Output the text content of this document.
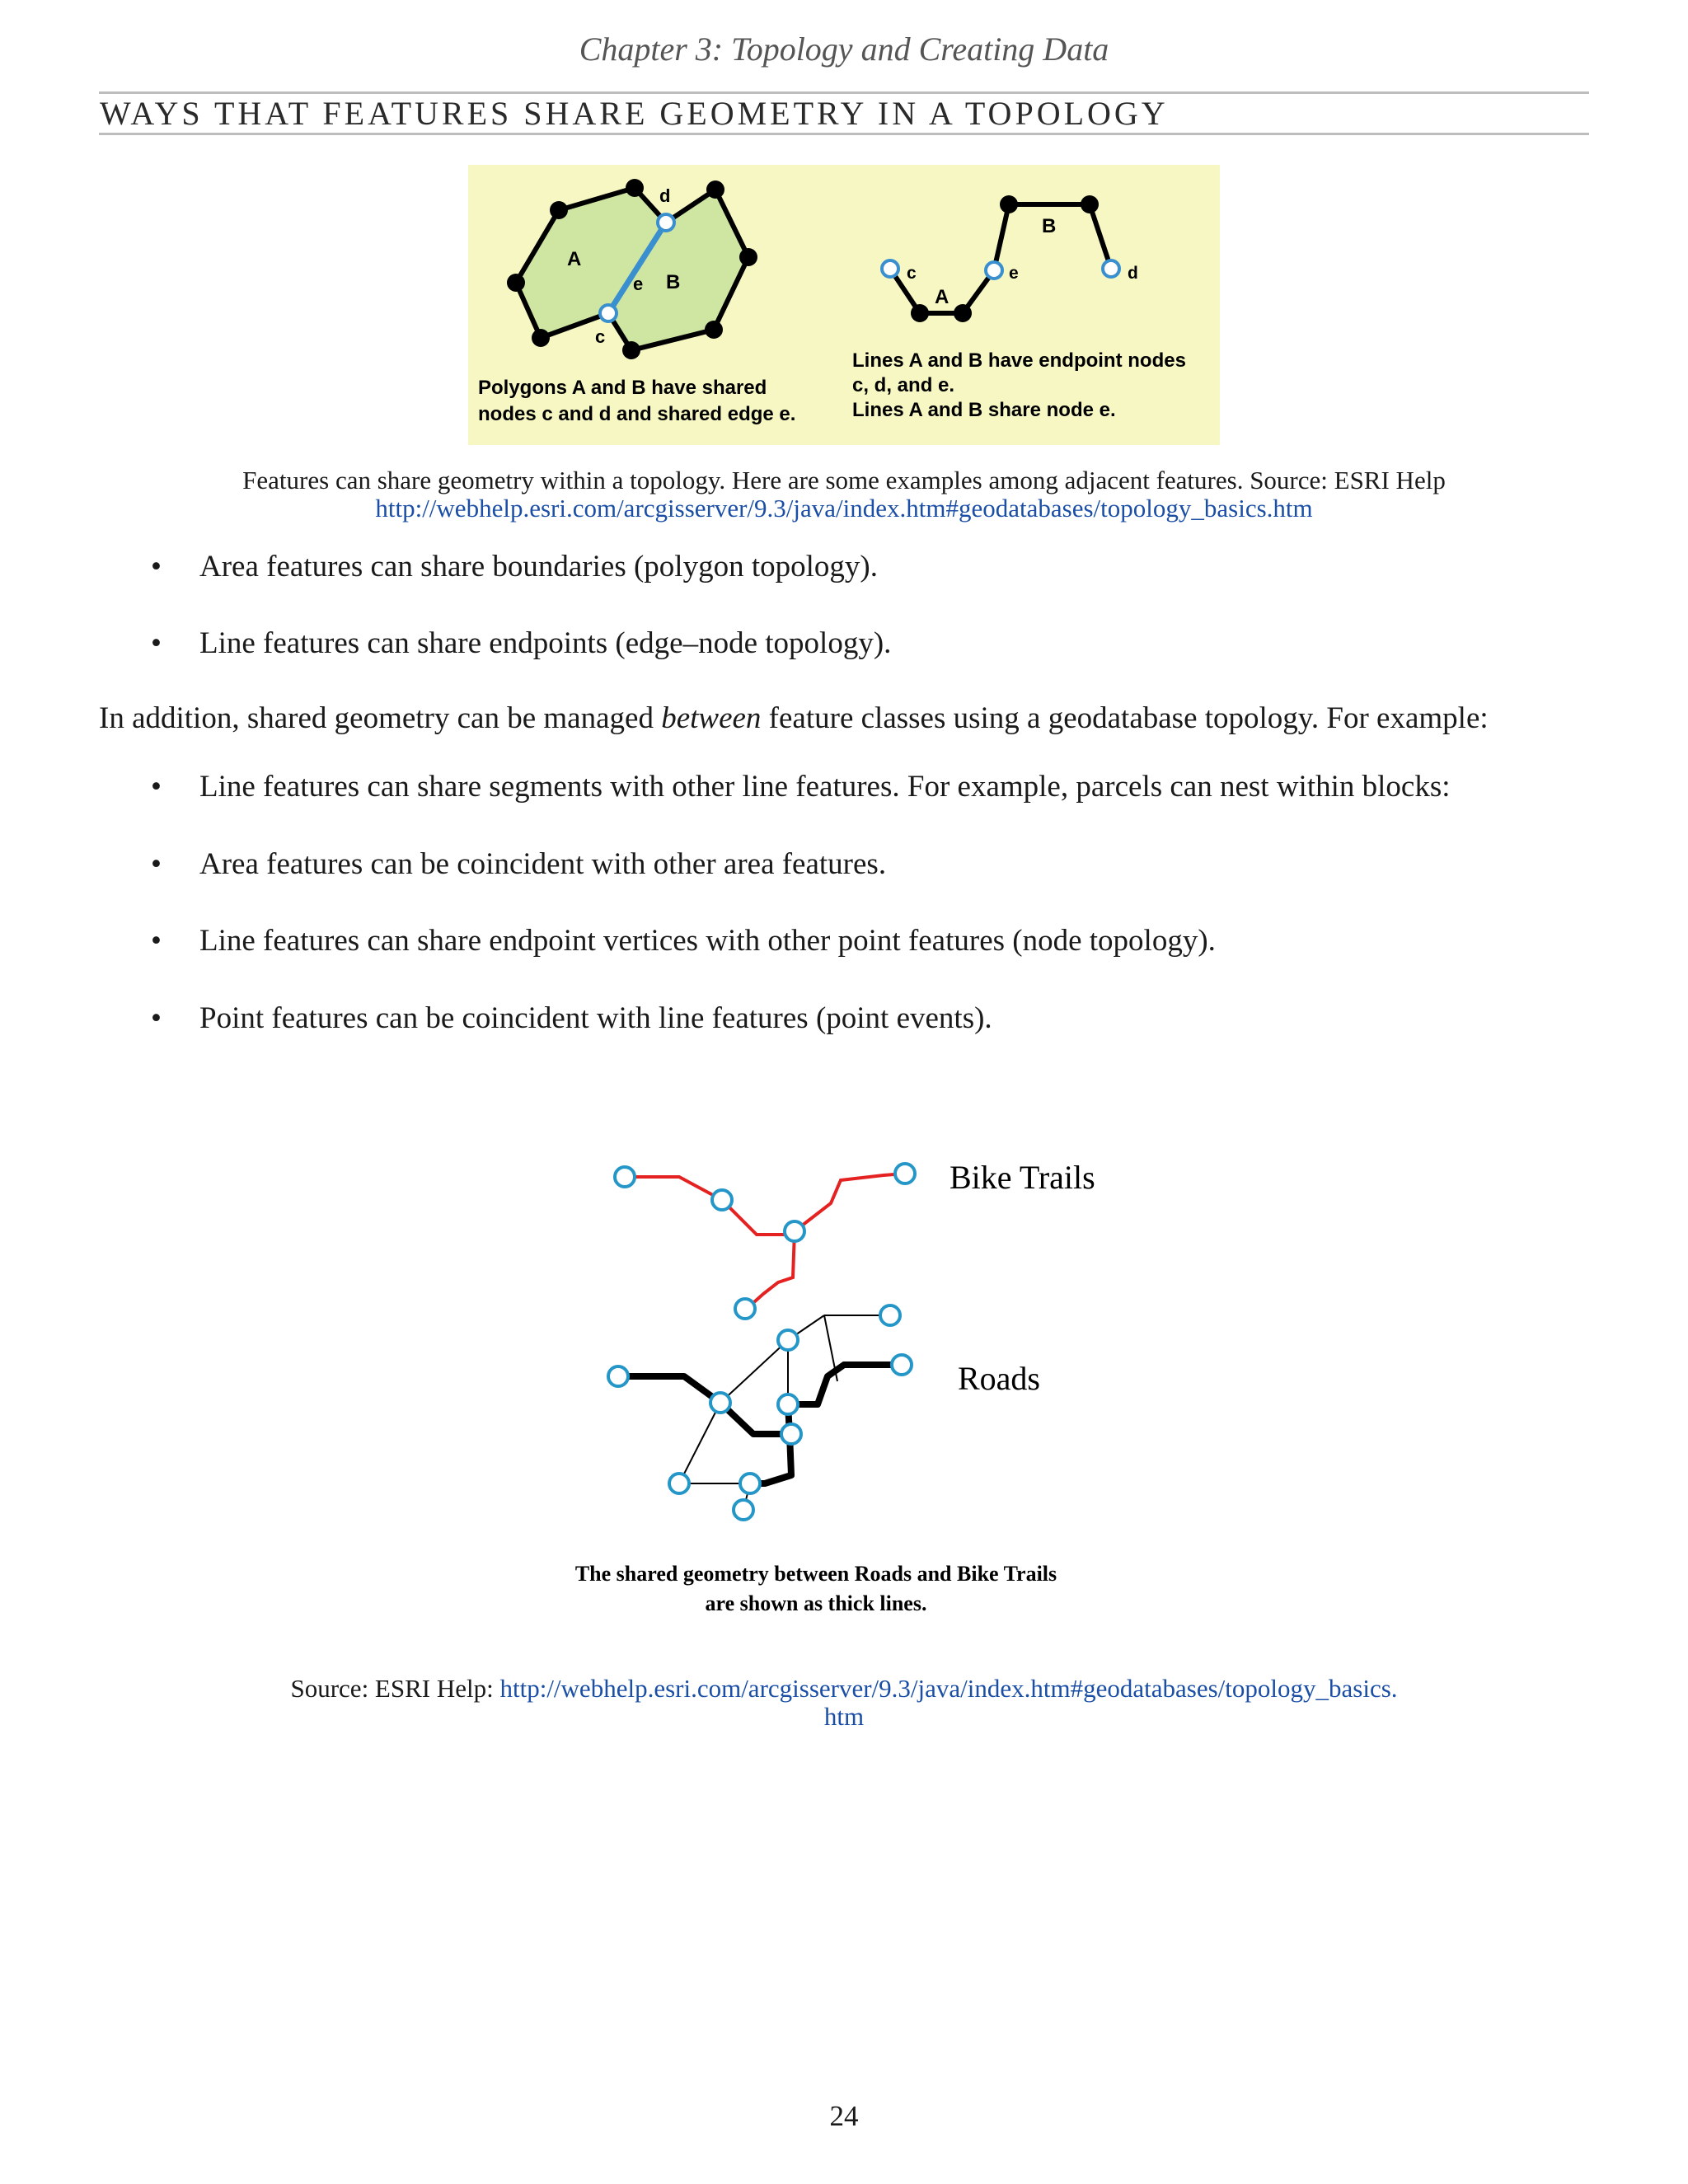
Chapter 3: Topology and Creating Data
WAYS THAT FEATURES SHARE GEOMETRY IN A TOPOLOGY
d
c
e
A
B
Polygons A and B have shared
nodes c and d and shared edge e.
c	e	d
A
B
Lines A and B have endpoint nodes
c, d, and e.
Lines A and B share node e.
Features can share geometry within a topology. Here are some examples among adjacent features. Source: ESRI Help http://webhelp.esri.com/arcgisserver/9.3/java/index.htm#geodatabases/topology_basics.htm
• Area features can share boundaries (polygon topology).
• Line features can share endpoints (edge–node topology).
In addition, shared geometry can be managed between feature classes using a geodatabase topology. For example:
• Line features can share segments with other line features. For example, parcels can nest within blocks:
• Area features can be coincident with other area features.
• Line features can share endpoint vertices with other point features (node topology).
• Point features can be coincident with line features (point events).
Bike Trails
Roads
The shared geometry between Roads and Bike Trails
are shown as thick lines.
Source: ESRI Help: http://webhelp.esri.com/arcgisserver/9.3/java/index.htm#geodatabases/topology_basics.
htm
24
